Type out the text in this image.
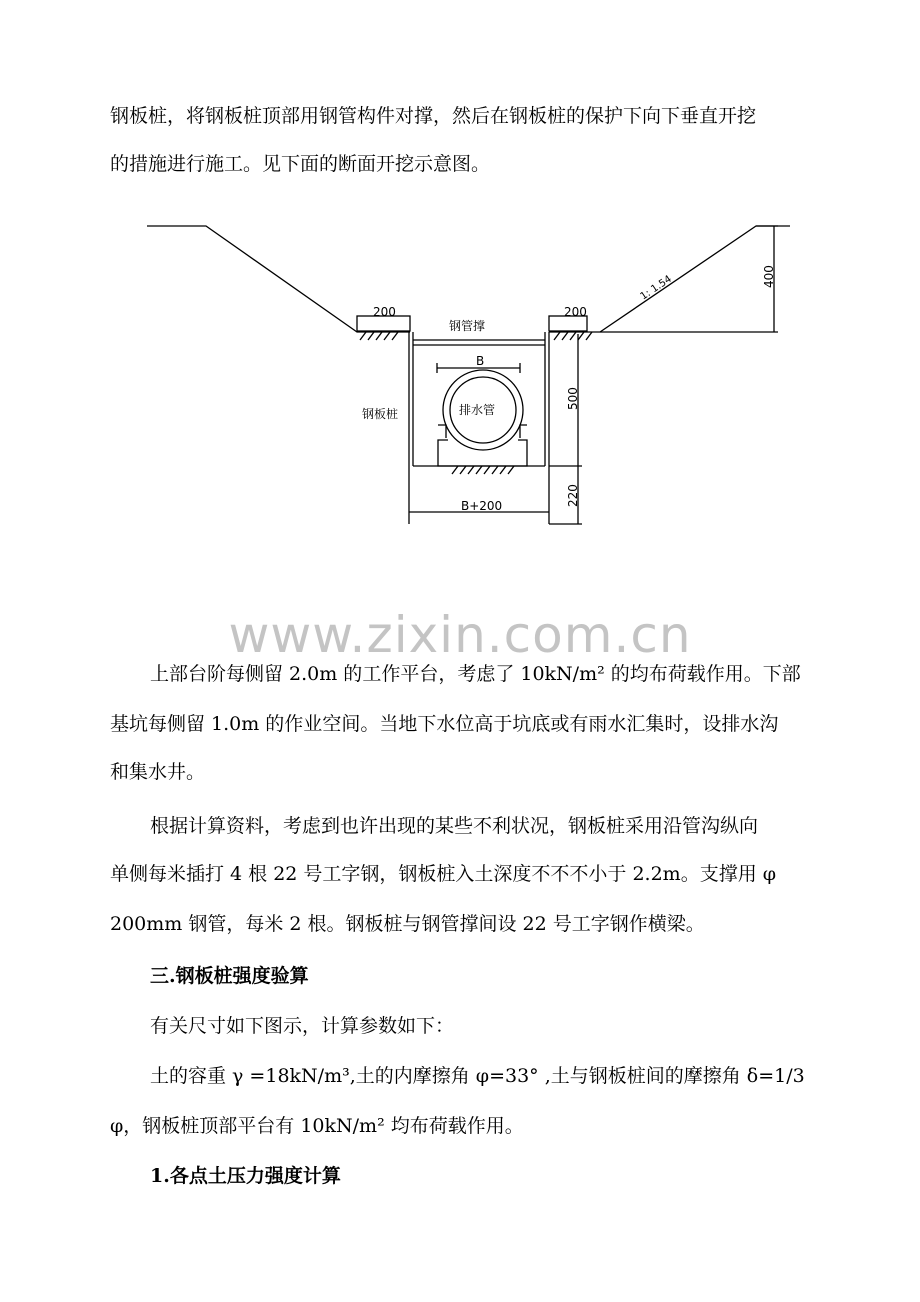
钢板桩，将钢板桩顶部用钢管构件对撑，然后在钢板桩的保护下向下垂直开挖
的措施进行施工。见下面的断面开挖示意图。
200	200
1: 1.54	400
钢管撑
B
500
钢板桩	排水管
220
B+200
www.zixin.com.cn
上部台阶每侧留 2.0m 的工作平台，考虑了 10kN/m² 的均布荷载作用。下部
基坑每侧留 1.0m 的作业空间。当地下水位高于坑底或有雨水汇集时，设排水沟
和集水井。
根据计算资料，考虑到也许出现的某些不利状况，钢板桩采用沿管沟纵向
单侧每米插打 4 根 22 号工字钢，钢板桩入土深度不不不小于 2.2m。支撑用 φ
200mm 钢管，每米 2 根。钢板桩与钢管撑间设 22 号工字钢作横梁。
三.钢板桩强度验算
有关尺寸如下图示，计算参数如下：
土的容重 γ =18kN/m³,土的内摩擦角 φ=33° ,土与钢板桩间的摩擦角 δ=1/3
φ，钢板桩顶部平台有 10kN/m² 均布荷载作用。
1.各点土压力强度计算
